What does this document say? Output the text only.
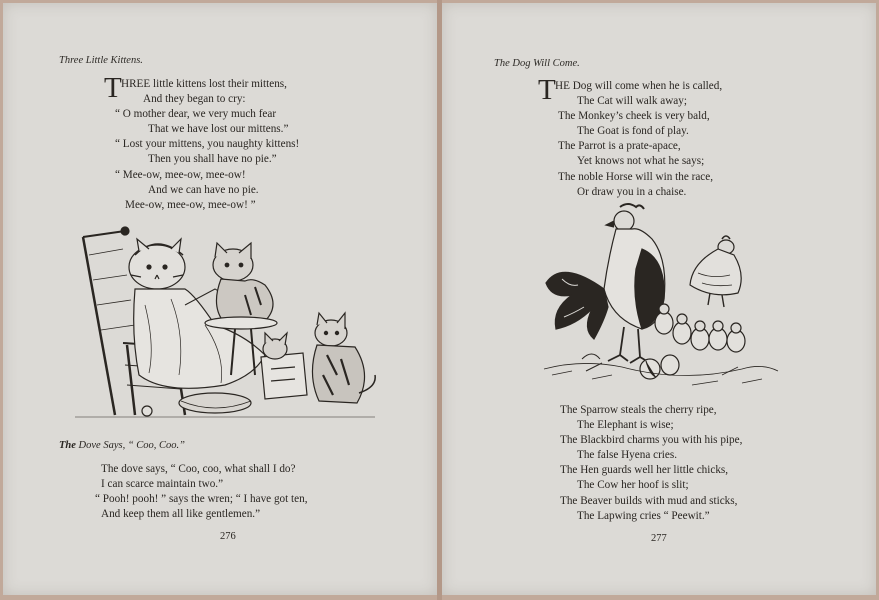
Three Little Kittens.
T HREE little kittens lost their mittens,
And they began to cry:
“ O mother dear, we very much fear
That we have lost our mittens.”
“ Lost your mittens, you naughty kittens!
Then you shall have no pie.”
“ Mee-ow, mee-ow, mee-ow!
And we can have no pie.
Mee-ow, mee-ow, mee-ow! ”
The Dove Says, “ Coo, Coo.”
The dove says, “ Coo, coo, what shall I do?
I can scarce maintain two.”
“ Pooh! pooh! ” says the wren; “ I have got ten,
And keep them all like gentlemen.”
276
The Dog Will Come.
T HE Dog will come when he is called,
The Cat will walk away;
The Monkey’s cheek is very bald,
The Goat is fond of play.
The Parrot is a prate-apace,
Yet knows not what he says;
The noble Horse will win the race,
Or draw you in a chaise.
The Sparrow steals the cherry ripe,
The Elephant is wise;
The Blackbird charms you with his pipe,
The false Hyena cries.
The Hen guards well her little chicks,
The Cow her hoof is slit;
The Beaver builds with mud and sticks,
The Lapwing cries “ Peewit.”
277
